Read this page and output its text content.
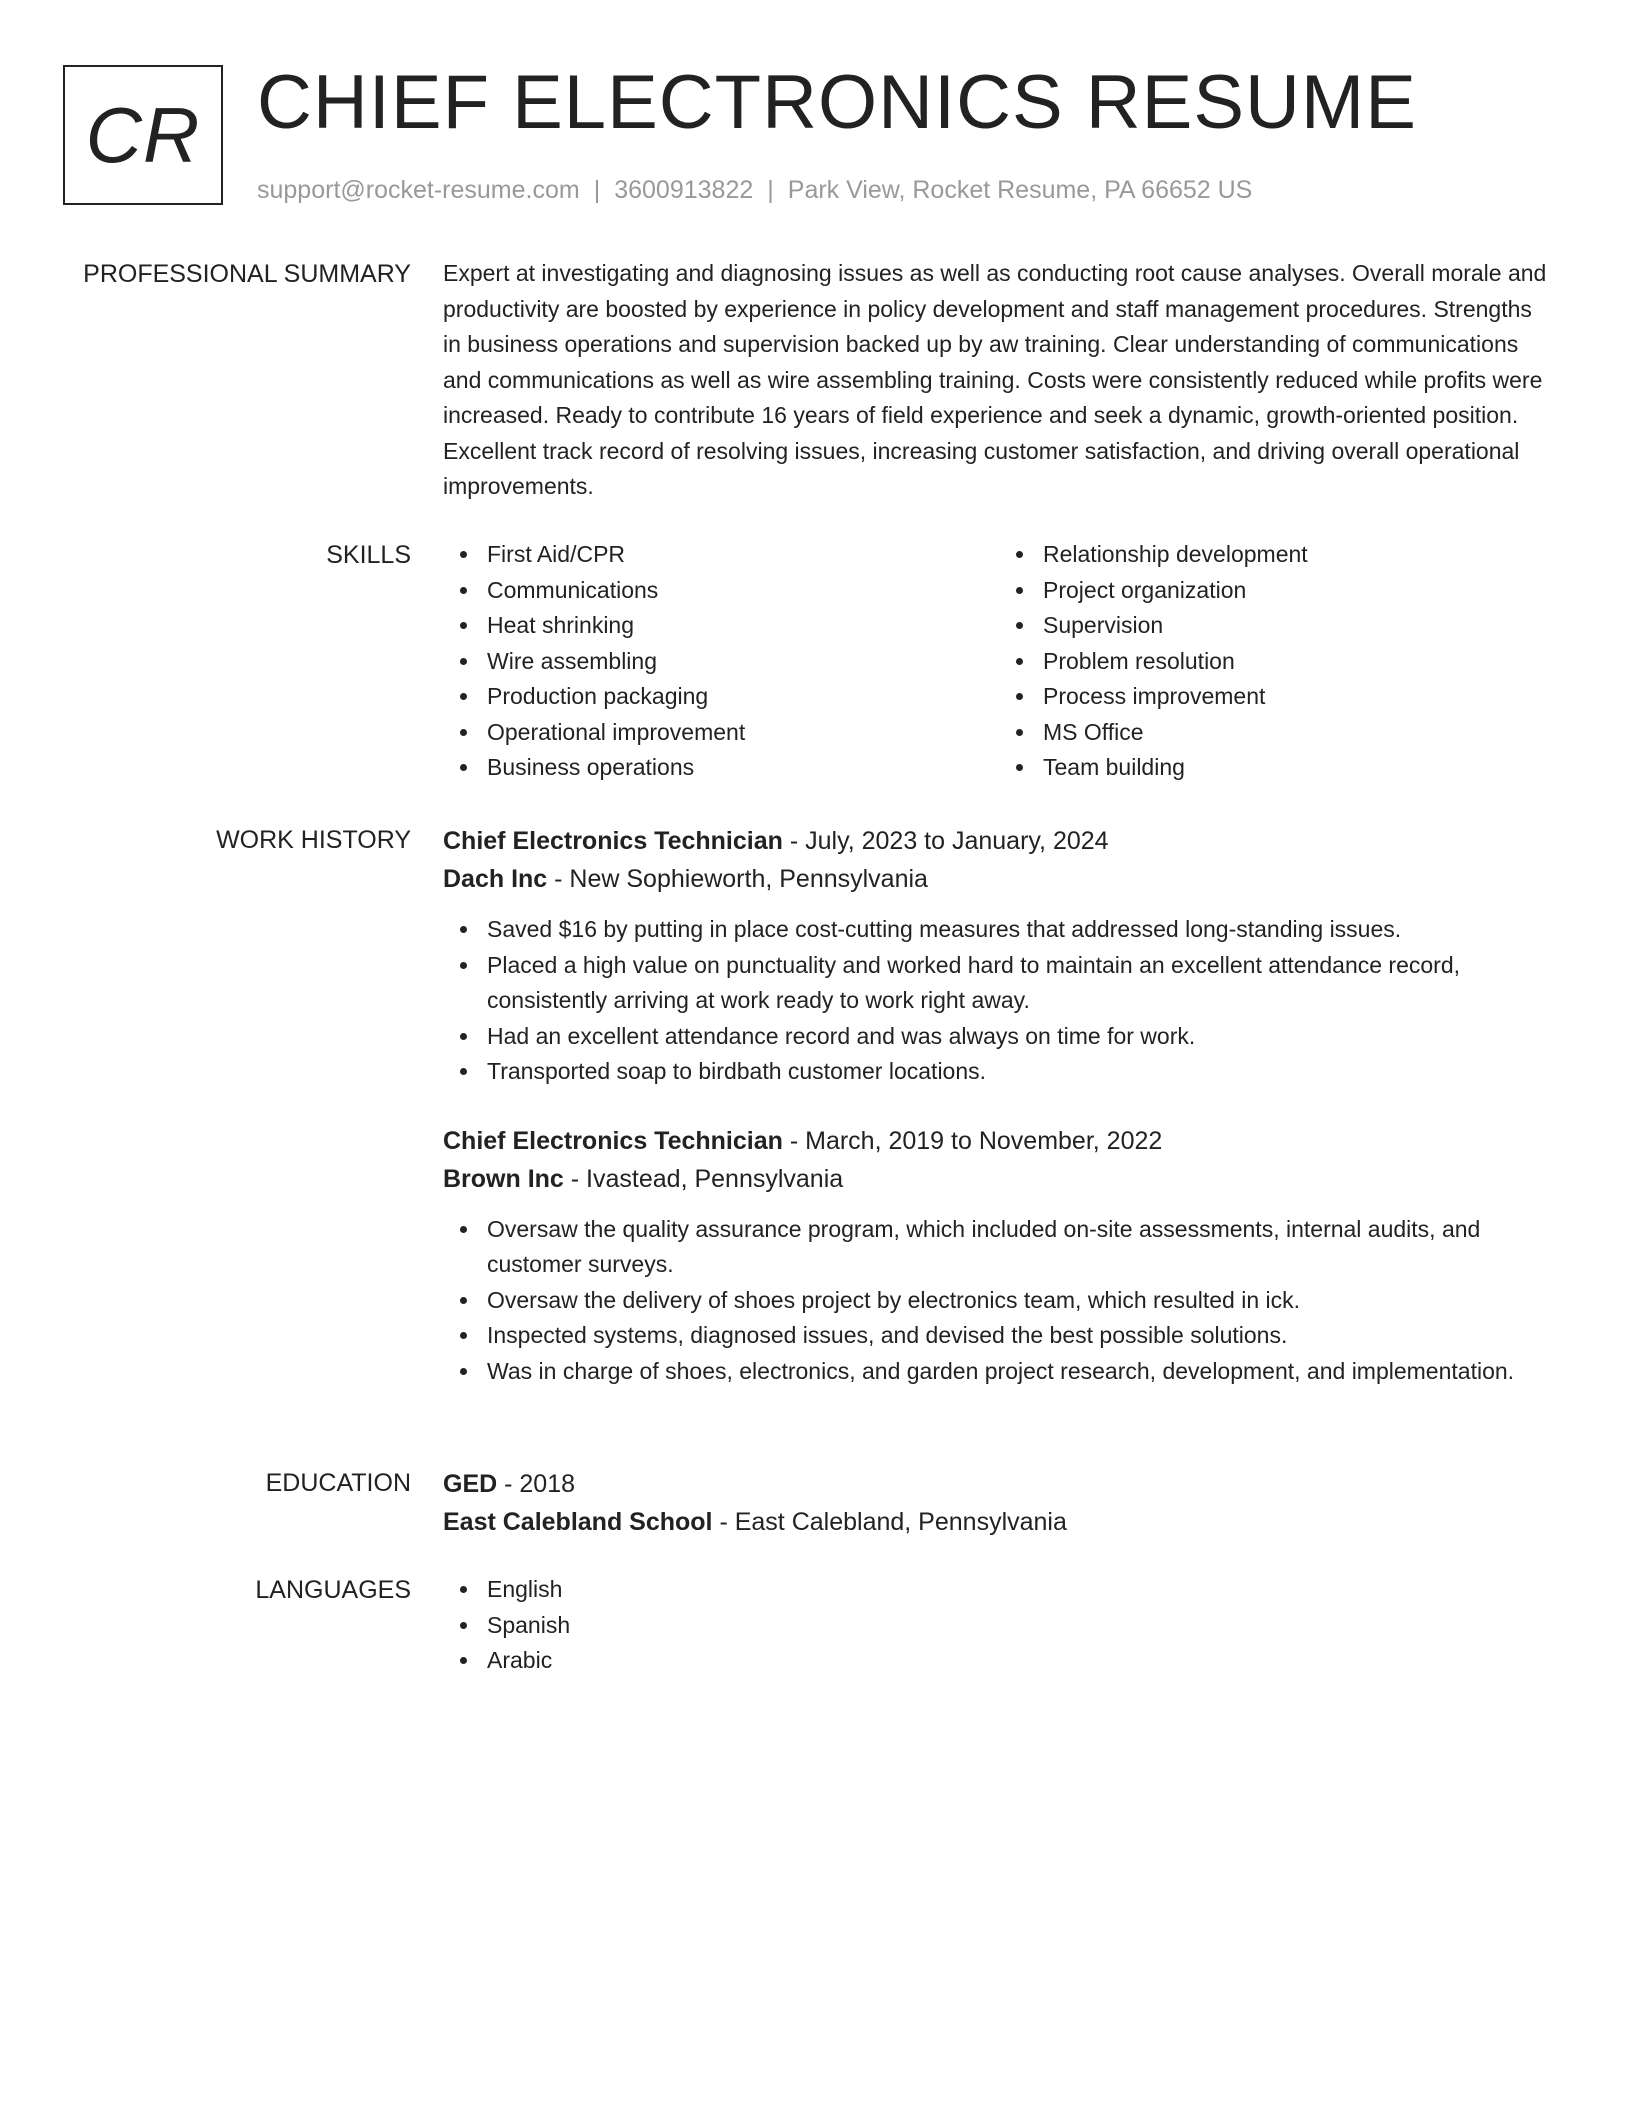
CR CHIEF ELECTRONICS RESUME
support@rocket-resume.com | 3600913822 | Park View, Rocket Resume, PA 66652 US
PROFESSIONAL SUMMARY Expert at investigating and diagnosing issues as well as conducting root cause analyses. Overall morale and productivity are boosted by experience in policy development and staff management procedures. Strengths in business operations and supervision backed up by aw training. Clear understanding of communications and communications as well as wire assembling training. Costs were consistently reduced while profits were increased. Ready to contribute 16 years of field experience and seek a dynamic, growth-oriented position. Excellent track record of resolving issues, increasing customer satisfaction, and driving overall operational improvements.
SKILLS	First Aid/CPR
Communications
Heat shrinking
Wire assembling
Production packaging
Operational improvement
Business operations
Relationship development
Project organization
Supervision
Problem resolution
Process improvement
MS Office
Team building
WORK HISTORY Chief Electronics Technician - July, 2023 to January, 2024
Dach Inc - New Sophieworth, Pennsylvania
Saved $16 by putting in place cost-cutting measures that addressed long-standing issues.
Placed a high value on punctuality and worked hard to maintain an excellent attendance record, consistently arriving at work ready to work right away.
Had an excellent attendance record and was always on time for work.
Transported soap to birdbath customer locations.
Chief Electronics Technician - March, 2019 to November, 2022
Brown Inc - Ivastead, Pennsylvania
Oversaw the quality assurance program, which included on-site assessments, internal audits, and customer surveys.
Oversaw the delivery of shoes project by electronics team, which resulted in ick.
Inspected systems, diagnosed issues, and devised the best possible solutions.
Was in charge of shoes, electronics, and garden project research, development, and implementation.
EDUCATION GED - 2018
East Calebland School - East Calebland, Pennsylvania
LANGUAGES	English
Spanish
Arabic
